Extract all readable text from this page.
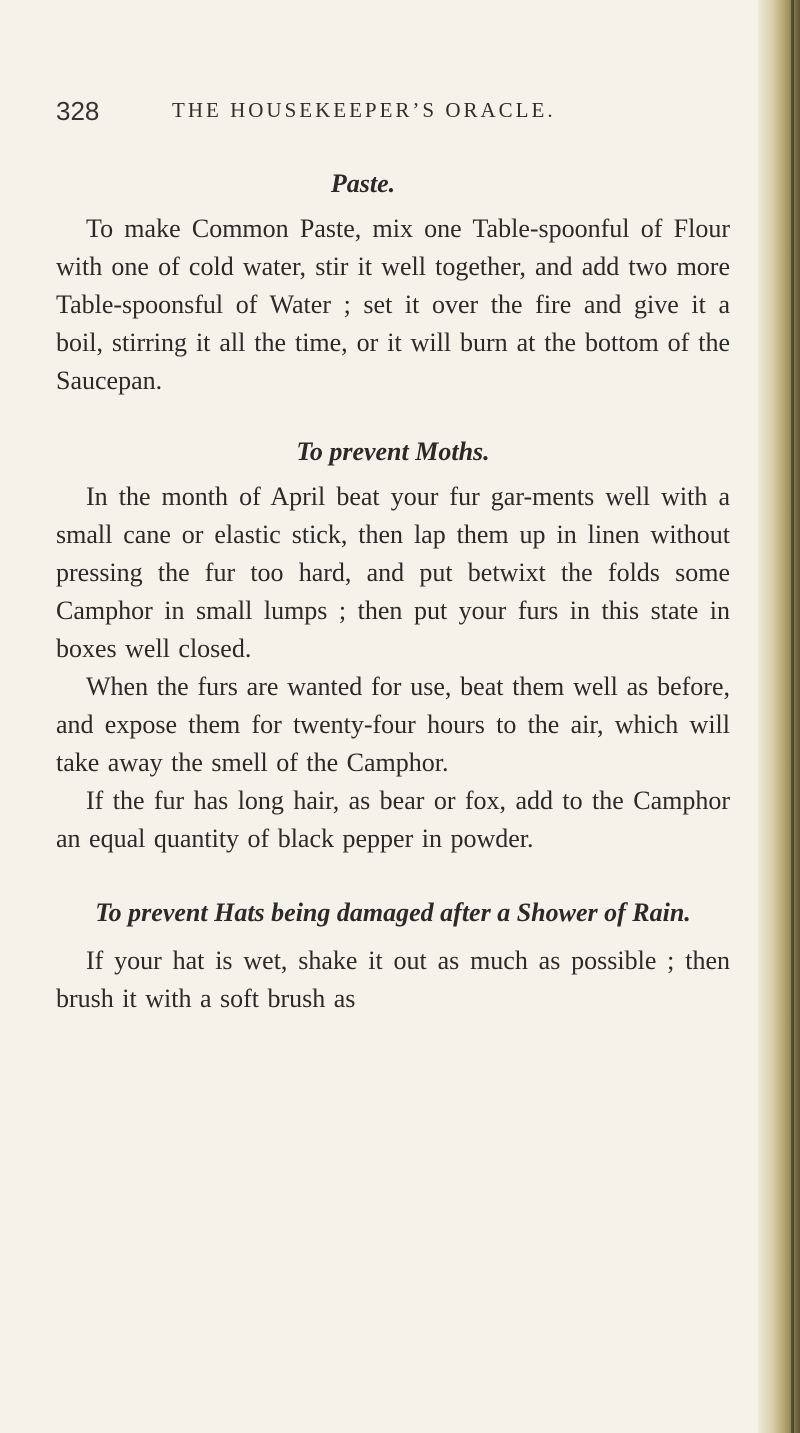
328	THE HOUSEKEEPER’S ORACLE.
Paste.

To make Common Paste, mix one Table-spoonful of Flour with one of cold water, stir it well together, and add two more Table-spoonsful of Water ; set it over the fire and give it a boil, stirring it all the time, or it will burn at the bottom of the Saucepan.

To prevent Moths.

In the month of April beat your fur gar-ments well with a small cane or elastic stick, then lap them up in linen without pressing the fur too hard, and put betwixt the folds some Camphor in small lumps ; then put your furs in this state in boxes well closed.

When the furs are wanted for use, beat them well as before, and expose them for twenty-four hours to the air, which will take away the smell of the Camphor.

If the fur has long hair, as bear or fox, add to the Camphor an equal quantity of black pepper in powder.

To prevent Hats being damaged after a Shower of Rain.

If your hat is wet, shake it out as much as possible ; then brush it with a soft brush as
